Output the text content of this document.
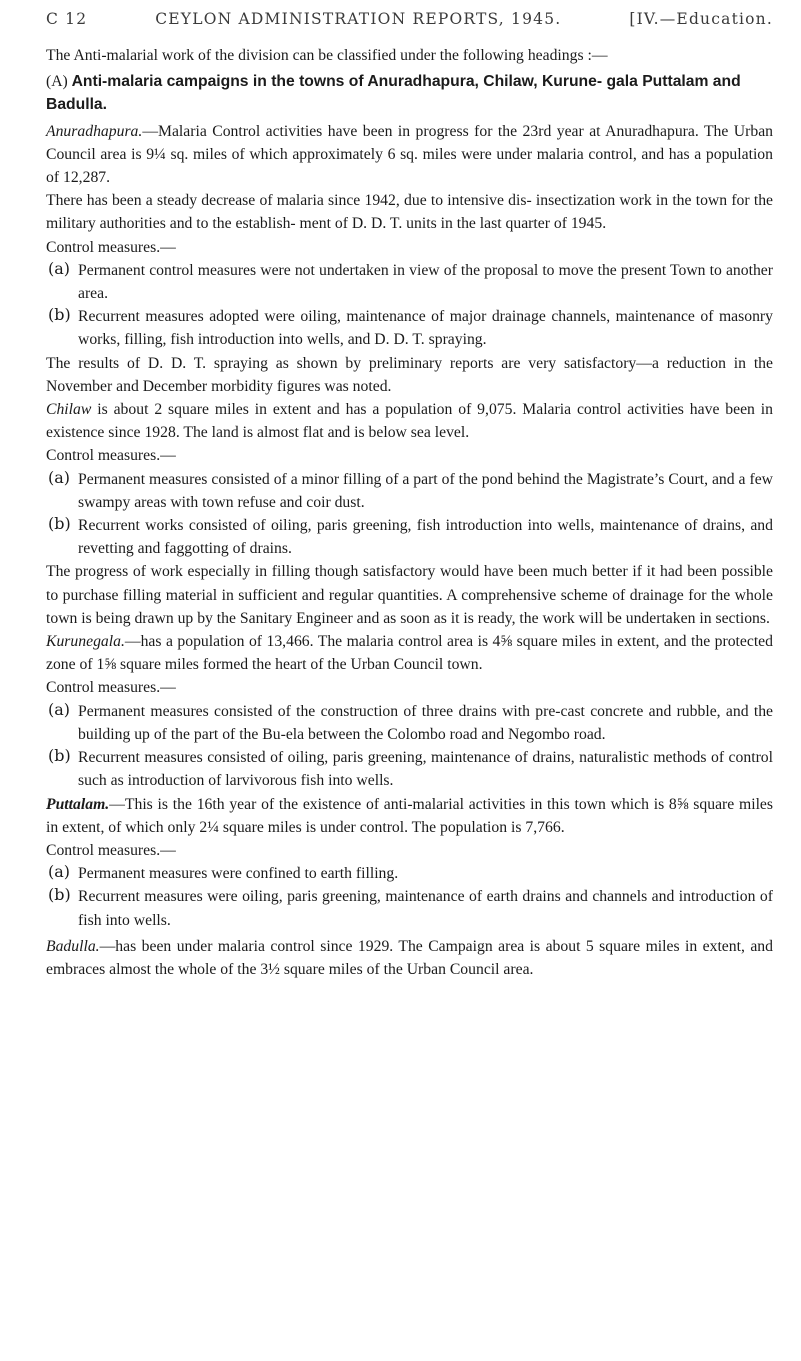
C 12	CEYLON ADMINISTRATION REPORTS, 1945.	[IV.—Education.

The Anti-malarial work of the division can be classified under the following headings :—

(A) Anti-malaria campaigns in the towns of Anuradhapura, Chilaw, Kurune- gala Puttalam and Badulla.

Anuradhapura.—Malaria Control activities have been in progress for the 23rd year at Anuradhapura. The Urban Council area is 9¼ sq. miles of which approximately 6 sq. miles were under malaria control, and has a population of 12,287.

There has been a steady decrease of malaria since 1942, due to intensive dis- insectization work in the town for the military authorities and to the establish- ment of D. D. T. units in the last quarter of 1945.

Control measures.—

(a) Permanent control measures were not undertaken in view of the proposal to move the present Town to another area.
(b) Recurrent measures adopted were oiling, maintenance of major drainage channels, maintenance of masonry works, filling, fish introduction into wells, and D. D. T. spraying.

The results of D. D. T. spraying as shown by preliminary reports are very satisfactory—a reduction in the November and December morbidity figures was noted.

Chilaw is about 2 square miles in extent and has a population of 9,075. Malaria control activities have been in existence since 1928. The land is almost flat and is below sea level.

Control measures.—

(a) Permanent measures consisted of a minor filling of a part of the pond behind the Magistrate’s Court, and a few swampy areas with town refuse and coir dust.
(b) Recurrent works consisted of oiling, paris greening, fish introduction into wells, maintenance of drains, and revetting and faggotting of drains.

The progress of work especially in filling though satisfactory would have been much better if it had been possible to purchase filling material in sufficient and regular quantities. A comprehensive scheme of drainage for the whole town is being drawn up by the Sanitary Engineer and as soon as it is ready, the work will be undertaken in sections.

Kurunegala.—has a population of 13,466. The malaria control area is 4⅝ square miles in extent, and the protected zone of 1⅝ square miles formed the heart of the Urban Council town.

Control measures.—

(a) Permanent measures consisted of the construction of three drains with pre-cast concrete and rubble, and the building up of the part of the Bu-ela between the Colombo road and Negombo road.
(b) Recurrent measures consisted of oiling, paris greening, maintenance of drains, naturalistic methods of control such as introduction of larvivorous fish into wells.

Puttalam.—This is the 16th year of the existence of anti-malarial activities in this town which is 8⅝ square miles in extent, of which only 2¼ square miles is under control. The population is 7,766.

Control measures.—

(a) Permanent measures were confined to earth filling.
(b) Recurrent measures were oiling, paris greening, maintenance of earth drains and channels and introduction of fish into wells.

Badulla.—has been under malaria control since 1929. The Campaign area is about 5 square miles in extent, and embraces almost the whole of the 3½ square miles of the Urban Council area.
